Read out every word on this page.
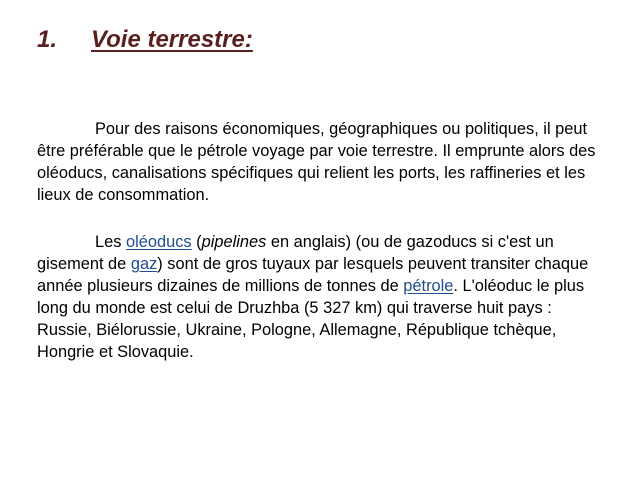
1. Voie terrestre:

Pour des raisons économiques, géographiques ou politiques, il peut être préférable que le pétrole voyage par voie terrestre. Il emprunte alors des oléoducs, canalisations spécifiques qui relient les ports, les raffineries et les lieux de consommation.

Les oléoducs (pipelines en anglais) (ou de gazoducs si c'est un gisement de gaz) sont de gros tuyaux par lesquels peuvent transiter chaque année plusieurs dizaines de millions de tonnes de pétrole. L'oléoduc le plus long du monde est celui de Druzhba (5 327 km) qui traverse huit pays : Russie, Biélorussie, Ukraine, Pologne, Allemagne, République tchèque, Hongrie et Slovaquie.
